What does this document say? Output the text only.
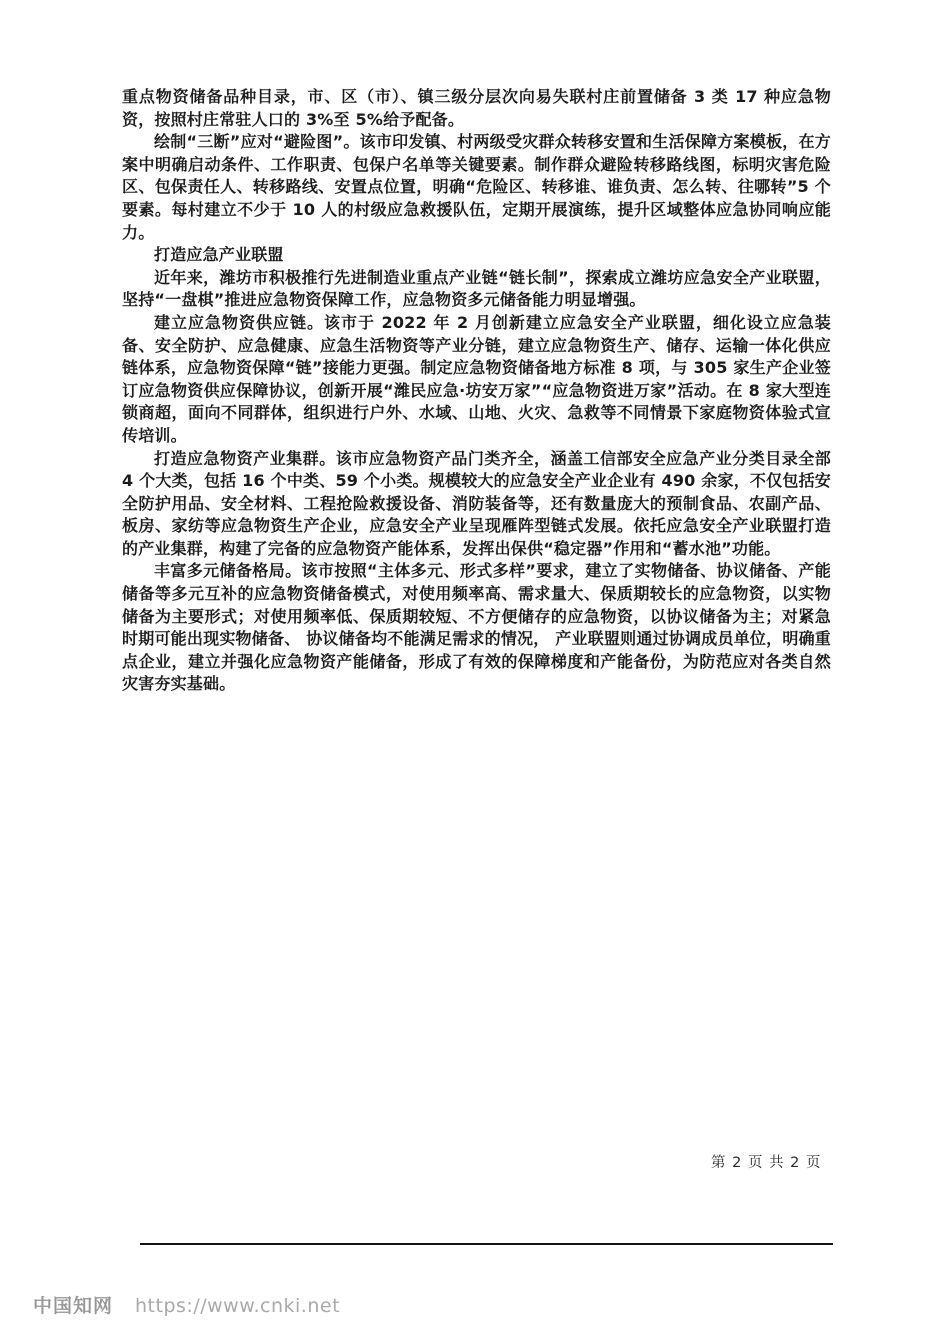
重点物资储备品种目录，市、区（市）、镇三级分层次向易失联村庄前置储备 3 类 17 种应急物资，按照村庄常驻人口的 3%至 5%给予配备。

绘制“三断”应对“避险图”。该市印发镇、村两级受灾群众转移安置和生活保障方案模板，在方案中明确启动条件、工作职责、包保户名单等关键要素。制作群众避险转移路线图，标明灾害危险区、包保责任人、转移路线、安置点位置，明确“危险区、转移谁、谁负责、怎么转、往哪转”5 个要素。每村建立不少于 10 人的村级应急救援队伍，定期开展演练，提升区域整体应急协同响应能力。

打造应急产业联盟

近年来，潍坊市积极推行先进制造业重点产业链“链长制”，探索成立潍坊应急安全产业联盟，坚持“一盘棋”推进应急物资保障工作，应急物资多元储备能力明显增强。

建立应急物资供应链。该市于 2022 年 2 月创新建立应急安全产业联盟，细化设立应急装备、安全防护、应急健康、应急生活物资等产业分链，建立应急物资生产、储存、运输一体化供应链体系，应急物资保障“链”接能力更强。制定应急物资储备地方标准 8 项，与 305 家生产企业签订应急物资供应保障协议，创新开展“潍民应急·坊安万家”“应急物资进万家”活动。在 8 家大型连锁商超，面向不同群体，组织进行户外、水域、山地、火灾、急救等不同情景下家庭物资体验式宣传培训。

打造应急物资产业集群。该市应急物资产品门类齐全，涵盖工信部安全应急产业分类目录全部 4 个大类，包括 16 个中类、59 个小类。规模较大的应急安全产业企业有 490 余家，不仅包括安全防护用品、安全材料、工程抢险救援设备、消防装备等，还有数量庞大的预制食品、农副产品、板房、家纺等应急物资生产企业，应急安全产业呈现雁阵型链式发展。依托应急安全产业联盟打造的产业集群，构建了完备的应急物资产能体系，发挥出保供“稳定器”作用和“蓄水池”功能。

丰富多元储备格局。该市按照“主体多元、形式多样”要求，建立了实物储备、协议储备、产能储备等多元互补的应急物资储备模式，对使用频率高、需求量大、保质期较长的应急物资，以实物储备为主要形式；对使用频率低、保质期较短、不方便储存的应急物资，以协议储备为主；对紧急时期可能出现实物储备、 协议储备均不能满足需求的情况， 产业联盟则通过协调成员单位，明确重点企业，建立并强化应急物资产能储备，形成了有效的保障梯度和产能备份，为防范应对各类自然灾害夯实基础。

第 2 页 共 2 页
中国知网 https://www.cnki.net
